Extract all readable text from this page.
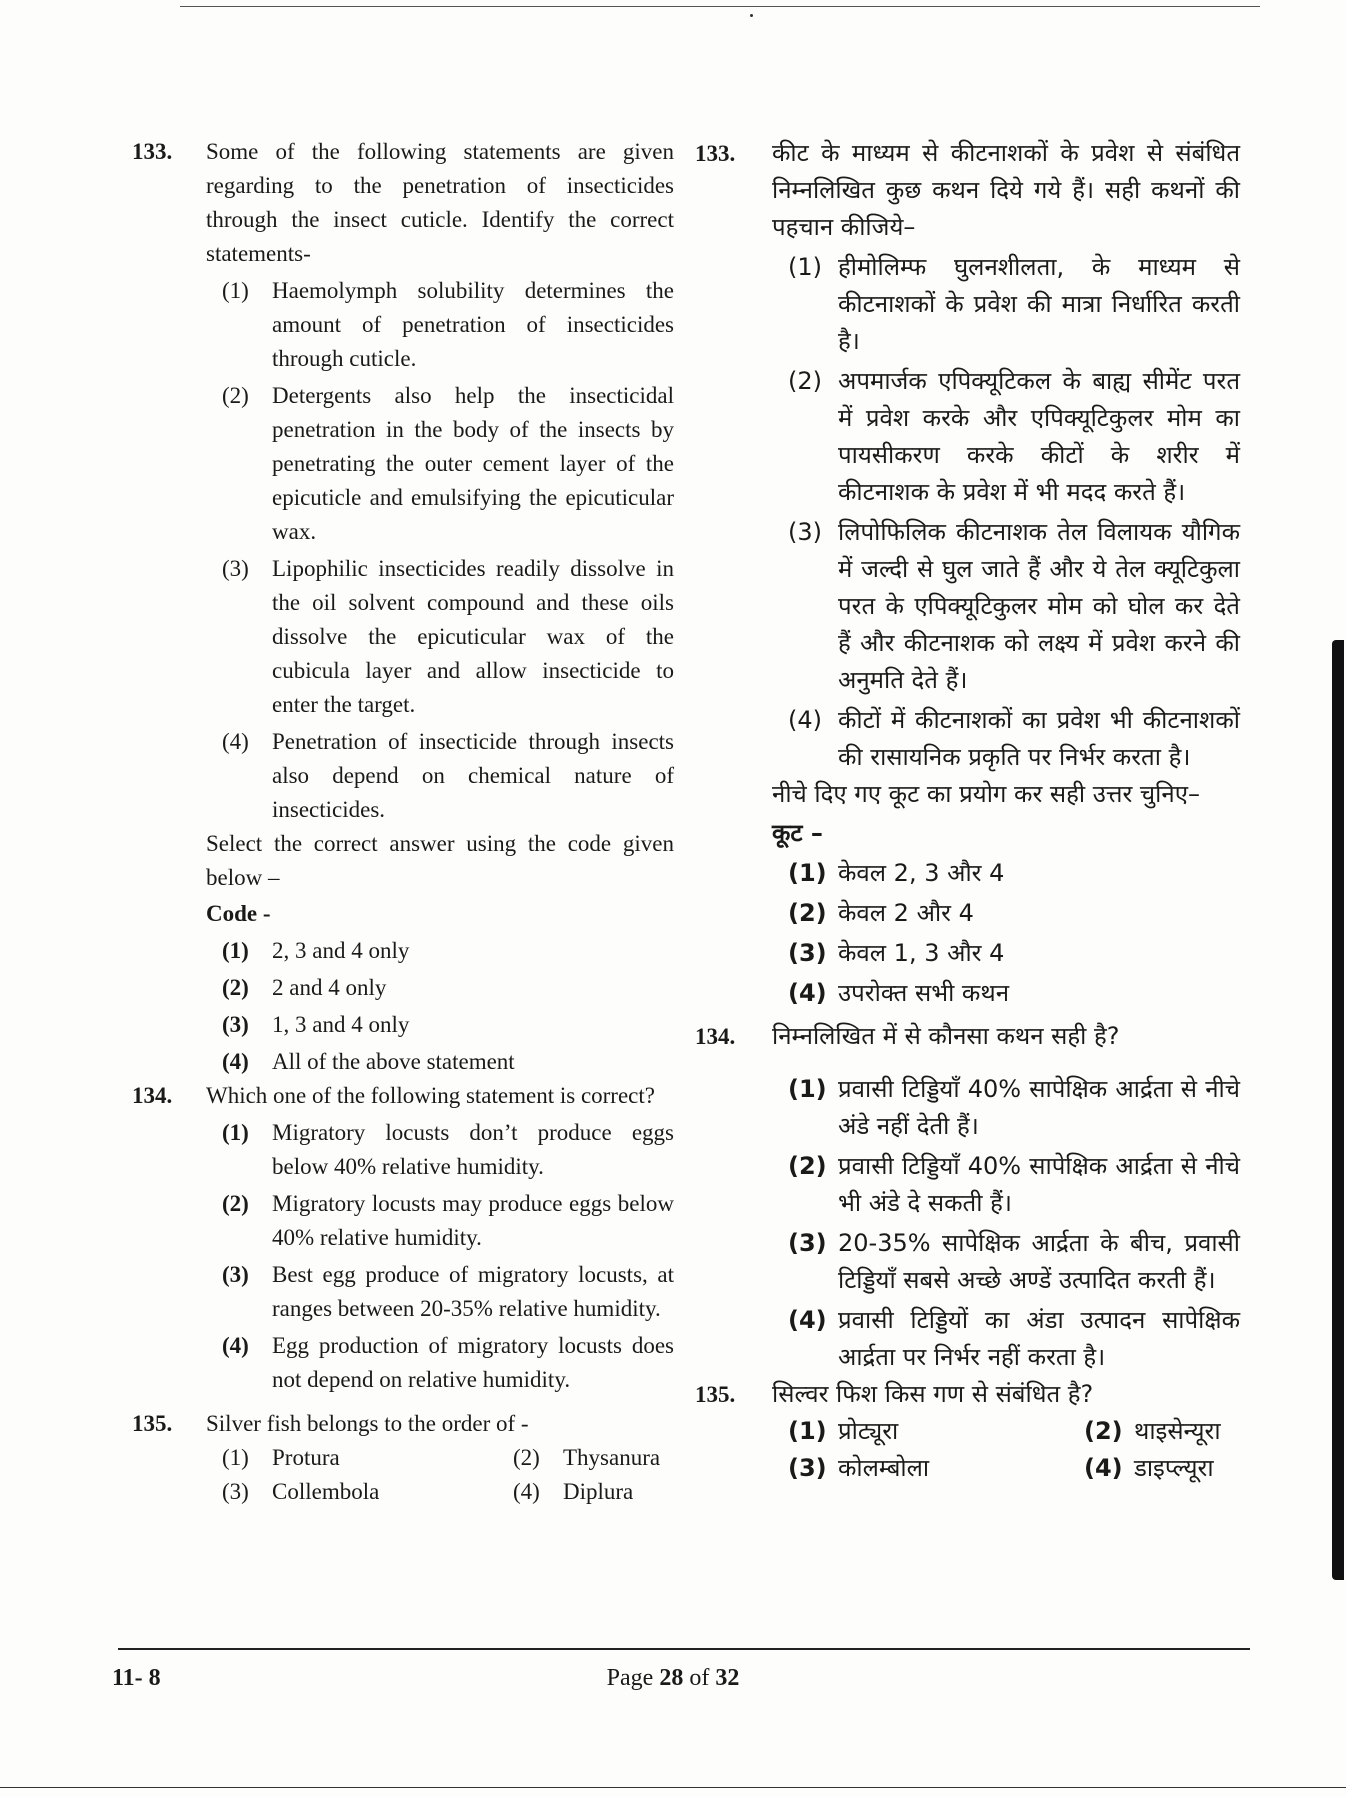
133. Some of the following statements are given regarding to the penetration of insecticides through the insect cuticle. Identify the correct statements-
(1) Haemolymph solubility determines the amount of penetration of insecticides through cuticle.
(2) Detergents also help the insecticidal penetration in the body of the insects by penetrating the outer cement layer of the epicuticle and emulsifying the epicuticular wax.
(3) Lipophilic insecticides readily dissolve in the oil solvent compound and these oils dissolve the epicuticular wax of the cubicula layer and allow insecticide to enter the target.
(4) Penetration of insecticide through insects also depend on chemical nature of insecticides.
Select the correct answer using the code given below –
Code -
(1) 2, 3 and 4 only
(2) 2 and 4 only
(3) 1, 3 and 4 only
(4) All of the above statement
134. Which one of the following statement is correct?
(1) Migratory locusts don’t produce eggs below 40% relative humidity.
(2) Migratory locusts may produce eggs below 40% relative humidity.
(3) Best egg produce of migratory locusts, at ranges between 20-35% relative humidity.
(4) Egg production of migratory locusts does not depend on relative humidity.
135. Silver fish belongs to the order of -
(1) Protura	(2) Thysanura
(3) Collembola	(4) Diplura
133. कीट के माध्यम से कीटनाशकों के प्रवेश से संबंधित निम्नलिखित कुछ कथन दिये गये हैं। सही कथनों की पहचान कीजिये–
(1) हीमोलिम्फ घुलनशीलता, के माध्यम से कीटनाशकों के प्रवेश की मात्रा निर्धारित करती है।
(2) अपमार्जक एपिक्यूटिकल के बाह्य सीमेंट परत में प्रवेश करके और एपिक्यूटिकुलर मोम का पायसीकरण करके कीटों के शरीर में कीटनाशक के प्रवेश में भी मदद करते हैं।
(3) लिपोफिलिक कीटनाशक तेल विलायक यौगिक में जल्दी से घुल जाते हैं और ये तेल क्यूटिकुला परत के एपिक्यूटिकुलर मोम को घोल कर देते हैं और कीटनाशक को लक्ष्य में प्रवेश करने की अनुमति देते हैं।
(4) कीटों में कीटनाशकों का प्रवेश भी कीटनाशकों की रासायनिक प्रकृति पर निर्भर करता है।
नीचे दिए गए कूट का प्रयोग कर सही उत्तर चुनिए–
कूट –
(1) केवल 2, 3 और 4
(2) केवल 2 और 4
(3) केवल 1, 3 और 4
(4) उपरोक्त सभी कथन
134. निम्नलिखित में से कौनसा कथन सही है?
(1) प्रवासी टिड्डियाँ 40% सापेक्षिक आर्द्रता से नीचे अंडे नहीं देती हैं।
(2) प्रवासी टिड्डियाँ 40% सापेक्षिक आर्द्रता से नीचे भी अंडे दे सकती हैं।
(3) 20-35% सापेक्षिक आर्द्रता के बीच, प्रवासी टिड्डियाँ सबसे अच्छे अण्डें उत्पादित करती हैं।
(4) प्रवासी टिड्डियों का अंडा उत्पादन सापेक्षिक आर्द्रता पर निर्भर नहीं करता है।
135. सिल्वर फिश किस गण से संबंधित है?
(1) प्रोट्यूरा	(2) थाइसेन्यूरा
(3) कोलम्बोला	(4) डाइप्ल्यूरा
11- 8	Page 28 of 32
